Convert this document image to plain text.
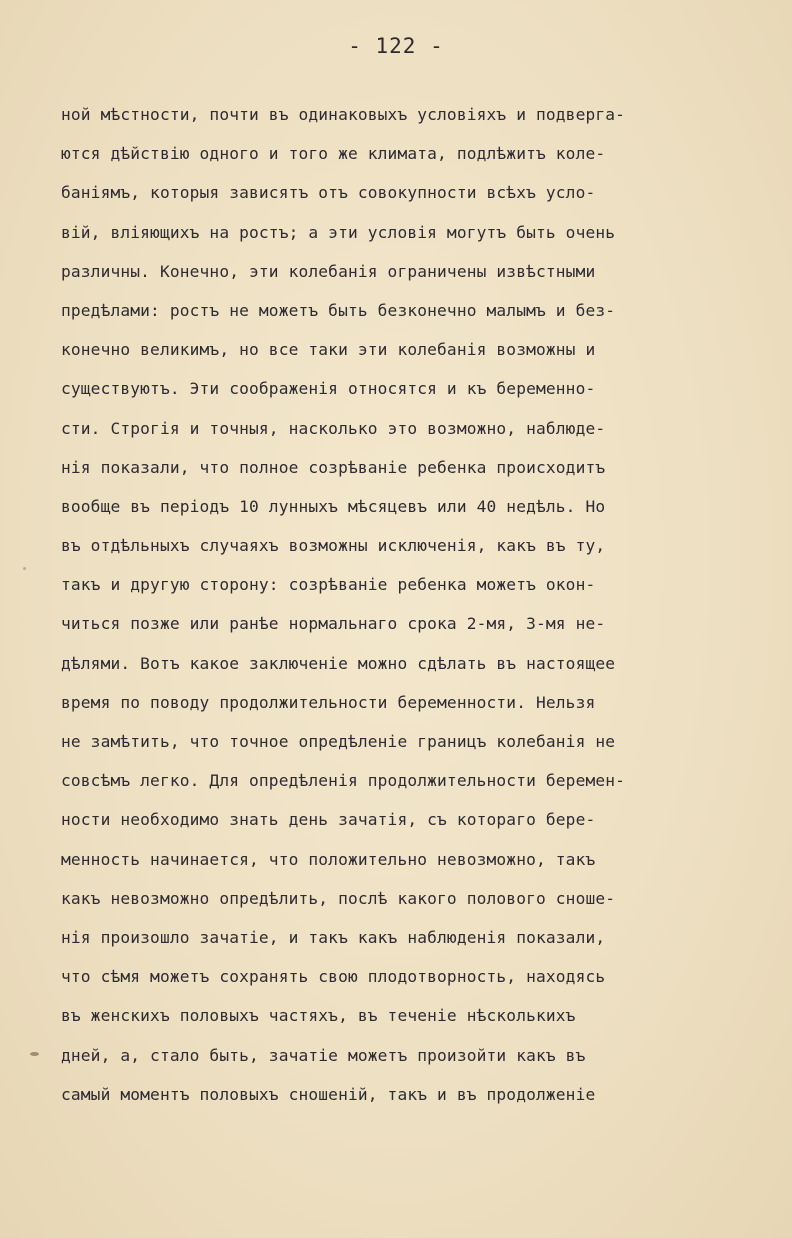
- 122 -
ной мѣстности, почти въ одинаковыхъ условіяхъ и подверга-
ются дѣйствію одного и того же климата, подлѣжитъ коле-
баніямъ, которыя зависятъ отъ совокупности всѣхъ усло-
вій, вліяющихъ на ростъ; а эти условія могутъ быть очень
различны. Конечно, эти колебанія ограничены извѣстными
предѣлами: ростъ не можетъ быть безконечно малымъ и без-
конечно великимъ, но все таки эти колебанія возможны и
существуютъ. Эти соображенія относятся и къ беременно-
сти. Строгія и точныя, насколько это возможно, наблюде-
нія показали, что полное созрѣваніе ребенка происходитъ
вообще въ періодъ 10 лунныхъ мѣсяцевъ или 40 недѣль. Но
въ отдѣльныхъ случаяхъ возможны исключенія, какъ въ ту,
такъ и другую сторону: созрѣваніе ребенка можетъ окон-
читься позже или ранѣе нормальнаго срока 2-мя, 3-мя не-
дѣлями. Вотъ какое заключеніе можно сдѣлать въ настоящее
время по поводу продолжительности беременности. Нельзя
не замѣтить, что точное опредѣленіе границъ колебанія не
совсѣмъ легко. Для опредѣленія продолжительности беремен-
ности необходимо знать день зачатія, съ котораго бере-
менность начинается, что положительно невозможно, такъ
какъ невозможно опредѣлить, послѣ какого полового сноше-
нія произошло зачатіе, и такъ какъ наблюденія показали,
что сѣмя можетъ сохранять свою плодотворность, находясь
въ женскихъ половыхъ частяхъ, въ теченіе нѣсколькихъ
дней, а, стало быть, зачатіе можетъ произойти какъ въ
самый моментъ половыхъ сношеній, такъ и въ продолженіе
